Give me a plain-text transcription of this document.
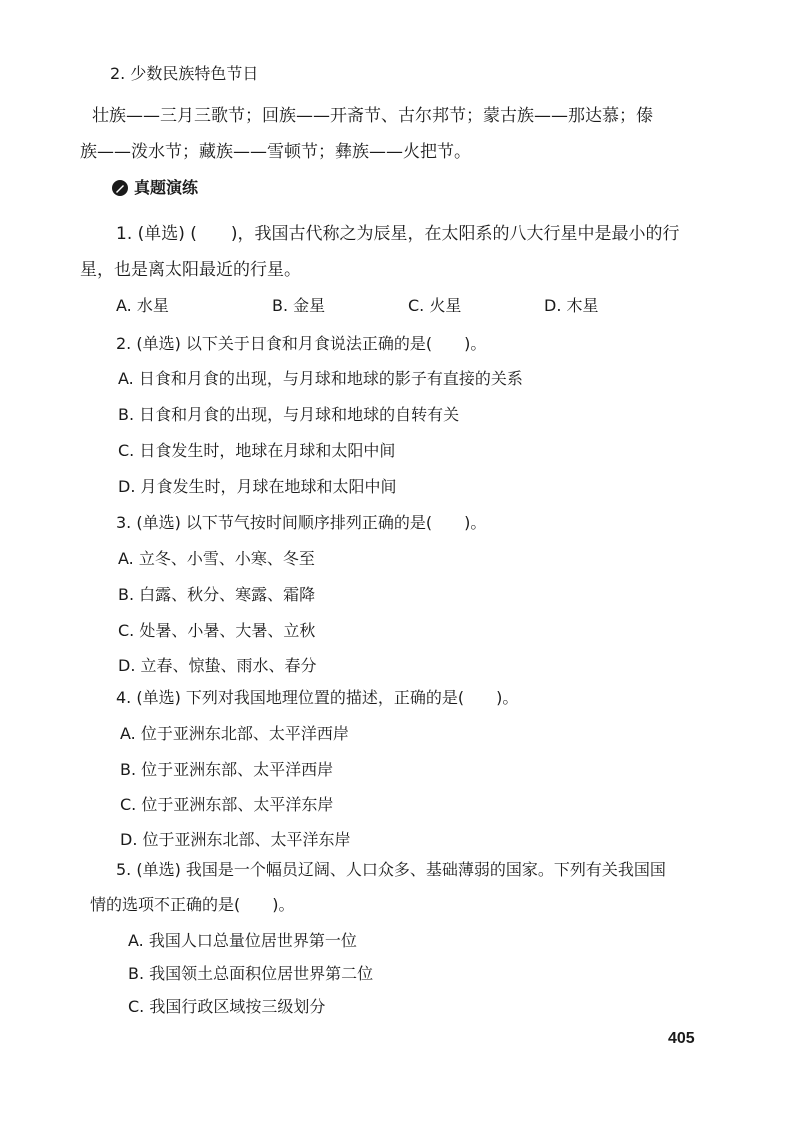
2. 少数民族特色节日
壮族——三月三歌节；回族——开斋节、古尔邦节；蒙古族——那达慕；傣
族——泼水节；藏族——雪顿节；彝族——火把节。
真题演练
1. (单选) (　　)，我国古代称之为辰星，在太阳系的八大行星中是最小的行
星，也是离太阳最近的行星。
A. 水星	B. 金星	C. 火星	D. 木星
2. (单选) 以下关于日食和月食说法正确的是(　　)。
A. 日食和月食的出现，与月球和地球的影子有直接的关系
B. 日食和月食的出现，与月球和地球的自转有关
C. 日食发生时，地球在月球和太阳中间
D. 月食发生时，月球在地球和太阳中间
3. (单选) 以下节气按时间顺序排列正确的是(　　)。
A. 立冬、小雪、小寒、冬至
B. 白露、秋分、寒露、霜降
C. 处暑、小暑、大暑、立秋
D. 立春、惊蛰、雨水、春分
4. (单选) 下列对我国地理位置的描述，正确的是(　　)。
A. 位于亚洲东北部、太平洋西岸
B. 位于亚洲东部、太平洋西岸
C. 位于亚洲东部、太平洋东岸
D. 位于亚洲东北部、太平洋东岸
5. (单选) 我国是一个幅员辽阔、人口众多、基础薄弱的国家。下列有关我国国
情的选项不正确的是(　　)。
A. 我国人口总量位居世界第一位
B. 我国领土总面积位居世界第二位
C. 我国行政区域按三级划分
405
